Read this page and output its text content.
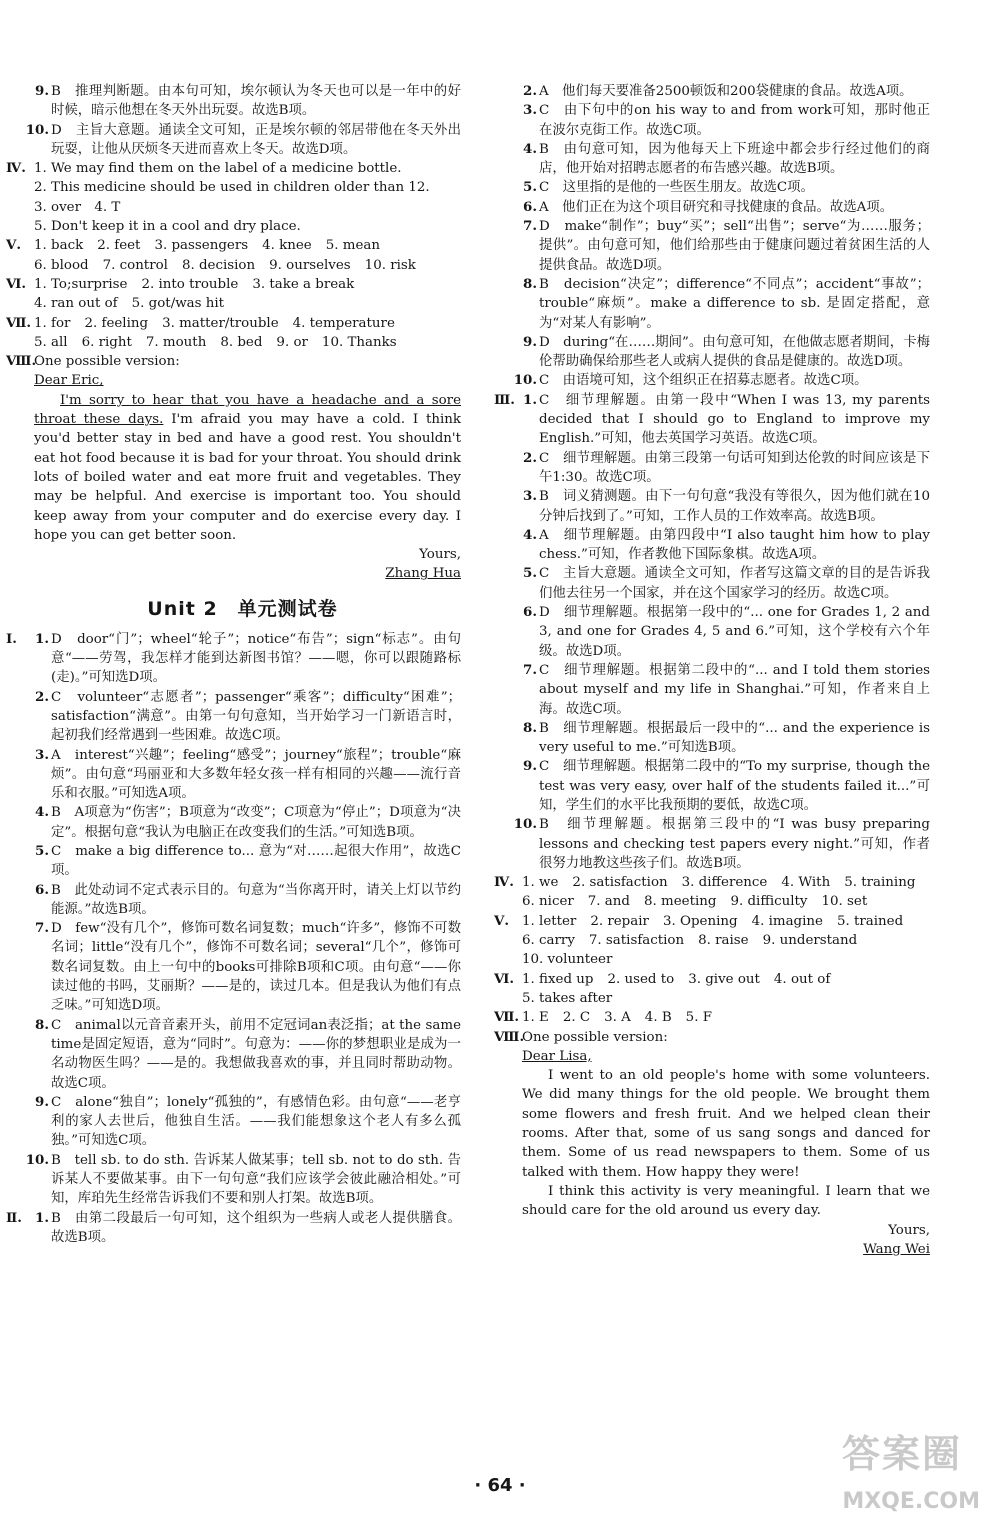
9. B　推理判断题。由本句可知，埃尔顿认为冬天也可以是一年中的好时候，暗示他想在冬天外出玩耍。故选B项。
10. D　主旨大意题。通读全文可知，正是埃尔顿的邻居带他在冬天外出玩耍，让他从厌烦冬天进而喜欢上冬天。故选D项。
Ⅳ. 1. We may find them on the label of a medicine bottle.
2. This medicine should be used in children older than 12.
3. over　4. T
5. Don't keep it in a cool and dry place.
Ⅴ. 1. back 2. feet 3. passengers 4. knee 5. mean
6. blood 7. control 8. decision 9. ourselves 10. risk
Ⅵ. 1. To;surprise 2. into trouble 3. take a break
4. ran out of 5. got/was hit
Ⅶ. 1. for 2. feeling 3. matter/trouble 4. temperature
5. all 6. right 7. mouth 8. bed 9. or 10. Thanks
Ⅷ.
One possible version:
Dear Eric,

I'm sorry to hear that you have a headache and a sore throat these days. I'm afraid you may have a cold. I think you'd better stay in bed and have a good rest. You shouldn't eat hot food because it is bad for your throat. You should drink lots of boiled water and eat more fruit and vegetables. They may be helpful. And exercise is important too. You should keep away from your computer and do exercise every day. I hope you can get better soon.

Yours,
Zhang Hua
Unit 2　单元测试卷
Ⅰ.	1. D　door“门”；wheel“轮子”；notice“布告”；sign“标志”。由句意“——劳驾，我怎样才能到达新图书馆？——嗯，你可以跟随路标(走)。”可知选D项。
2. C　volunteer“志愿者”；passenger“乘客”；difficulty“困难”；satisfaction“满意”。由第一句句意知，当开始学习一门新语言时，起初我们经常遇到一些困难。故选C项。
3. A　interest“兴趣”；feeling“感受”；journey“旅程”；trouble“麻烦”。由句意“玛丽亚和大多数年轻女孩一样有相同的兴趣——流行音乐和衣服。”可知选A项。
4. B　A项意为“伤害”；B项意为“改变”；C项意为“停止”；D项意为“决定”。根据句意“我认为电脑正在改变我们的生活。”可知选B项。
5. C　make a big difference to... 意为“对……起很大作用”，故选C项。
6. B　此处动词不定式表示目的。句意为“当你离开时，请关上灯以节约能源。”故选B项。
7. D　few“没有几个”，修饰可数名词复数；much“许多”，修饰不可数名词；little“没有几个”，修饰不可数名词；several“几个”，修饰可数名词复数。由上一句中的books可排除B项和C项。由句意“——你读过他的书吗，艾丽斯？——是的，读过几本。但是我认为他们有点乏味。”可知选D项。
8. C　animal以元音音素开头，前用不定冠词an表泛指；at the same time是固定短语，意为“同时”。句意为：——你的梦想职业是成为一名动物医生吗？——是的。我想做我喜欢的事，并且同时帮助动物。故选C项。
9. C　alone“独自”；lonely“孤独的”，有感情色彩。由句意“——老亨利的家人去世后，他独自生活。——我们能想象这个老人有多么孤独。”可知选C项。
10. B　tell sb. to do sth. 告诉某人做某事；tell sb. not to do sth. 告诉某人不要做某事。由下一句句意“我们应该学会彼此融洽相处。”可知，库珀先生经常告诉我们不要和别人打架。故选B项。
Ⅱ. 1. B　由第二段最后一句可知，这个组织为一些病人或老人提供膳食。故选B项。
2. A　他们每天要准备2500顿饭和200袋健康的食品。故选A项。
3. C　由下句中的on his way to and from work可知，那时他正在波尔克街工作。故选C项。
4. B　由句意可知，因为他每天上下班途中都会步行经过他们的商店，他开始对招聘志愿者的布告感兴趣。故选B项。
5. C　这里指的是他的一些医生朋友。故选C项。
6. A　他们正在为这个项目研究和寻找健康的食品。故选A项。
7. D　make“制作”；buy“买”；sell“出售”；serve“为……服务；提供”。由句意可知，他们给那些由于健康问题过着贫困生活的人提供食品。故选D项。
8. B　decision“决定”；difference“不同点”；accident“事故”；trouble“麻烦”。make a difference to sb. 是固定搭配，意为“对某人有影响”。
9. D　during“在……期间”。由句意可知，在他做志愿者期间，卡梅伦帮助确保给那些老人或病人提供的食品是健康的。故选D项。
10. C　由语境可知，这个组织正在招募志愿者。故选C项。
Ⅲ. 1. C　细节理解题。由第一段中“When I was 13, my parents decided that I should go to England to improve my English.”可知，他去英国学习英语。故选C项。
2. C　细节理解题。由第三段第一句话可知到达伦敦的时间应该是下午1:30。故选C项。
3. B　词义猜测题。由下一句句意“我没有等很久，因为他们就在10分钟后找到了。”可知，工作人员的工作效率高。故选B项。
4. A　细节理解题。由第四段中“I also taught him how to play chess.”可知，作者教他下国际象棋。故选A项。
5. C　主旨大意题。通读全文可知，作者写这篇文章的目的是告诉我们他去往另一个国家，并在这个国家学习的经历。故选C项。
6. D　细节理解题。根据第一段中的“... one for Grades 1, 2 and 3, and one for Grades 4, 5 and 6.”可知，这个学校有六个年级。故选D项。
7. C　细节理解题。根据第二段中的“... and I told them stories about myself and my life in Shanghai.”可知，作者来自上海。故选C项。
8. B　细节理解题。根据最后一段中的“... and the experience is very useful to me.”可知选B项。
9. C　细节理解题。根据第二段中的“To my surprise, though the test was very easy, over half of the students failed it...”可知，学生们的水平比我预期的要低，故选C项。
10. B　细节理解题。根据第三段中的“I was busy preparing lessons and checking test papers every night.”可知，作者很努力地教这些孩子们。故选B项。
Ⅳ. 1. we 2. satisfaction 3. difference 4. With 5. training
6. nicer 7. and 8. meeting 9. difficulty 10. set
Ⅴ. 1. letter 2. repair 3. Opening 4. imagine 5. trained
6. carry 7. satisfaction 8. raise 9. understand
10. volunteer
Ⅵ. 1. fixed up 2. used to 3. give out 4. out of
5. takes after
Ⅶ. 1. E 2. C 3. A 4. B 5. F
Ⅷ.
One possible version:
Dear Lisa,

I went to an old people's home with some volunteers. We did many things for the old people. We brought them some flowers and fresh fruit. And we helped clean their rooms. After that, some of us sang songs and danced for them. Some of us read newspapers to them. Some of us talked with them. How happy they were!

I think this activity is very meaningful. I learn that we should care for the old around us every day.

Yours,
Wang Wei
· 64 ·
答案圈
MXQE.COM
